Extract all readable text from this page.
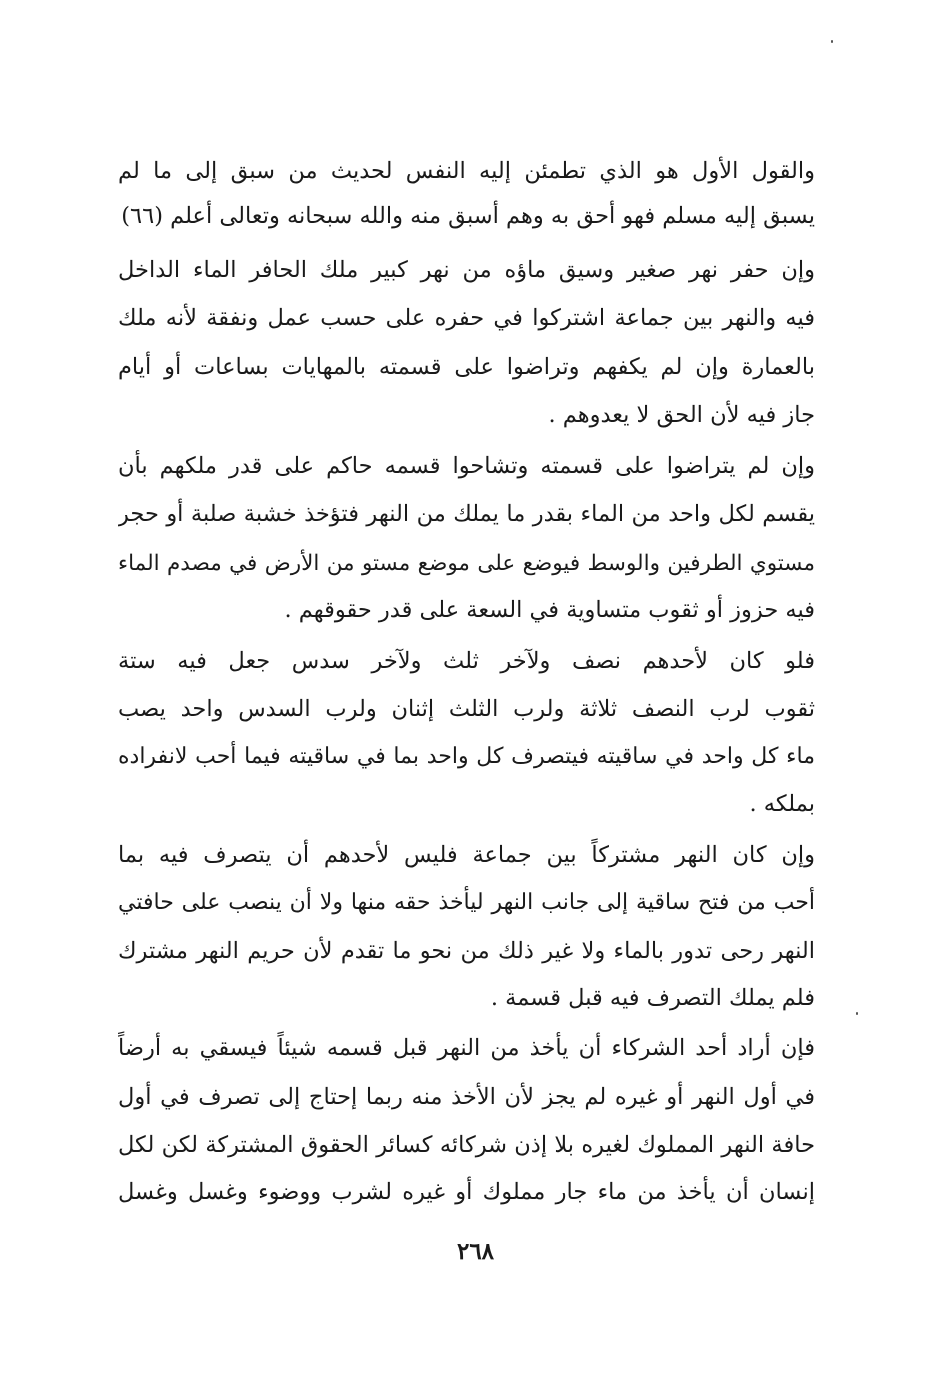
والقول الأول هو الذي تطمئن إليه النفس لحديث من سبق إلى ما لم
يسبق إليه مسلم فهو أحق به وهم أسبق منه والله سبحانه وتعالى أعلم (٦٦)
وإن حفر نهر صغير وسيق ماؤه من نهر كبير ملك الحافر الماء الداخل
فيه والنهر بين جماعة اشتركوا في حفره على حسب عمل ونفقة لأنه ملك
بالعمارة وإن لم يكفهم وتراضوا على قسمته بالمهايات بساعات أو أيام
جاز فيه لأن الحق لا يعدوهم .
وإن لم يتراضوا على قسمته وتشاحوا قسمه حاكم على قدر ملكهم بأن
يقسم لكل واحد من الماء بقدر ما يملك من النهر فتؤخذ خشبة صلبة أو حجر
مستوي الطرفين والوسط فيوضع على موضع مستو من الأرض في مصدم الماء
فيه حزوز أو ثقوب متساوية في السعة على قدر حقوقهم .
فلو كان لأحدهم نصف ولآخر ثلث ولآخر سدس جعل فيه ستة
ثقوب لرب النصف ثلاثة ولرب الثلث إثنان ولرب السدس واحد يصب
ماء كل واحد في ساقيته فيتصرف كل واحد بما في ساقيته فيما أحب لانفراده
بملكه .
وإن كان النهر مشتركاً بين جماعة فليس لأحدهم أن يتصرف فيه بما
أحب من فتح ساقية إلى جانب النهر ليأخذ حقه منها ولا أن ينصب على حافتي
النهر رحى تدور بالماء ولا غير ذلك من نحو ما تقدم لأن حريم النهر مشترك
فلم يملك التصرف فيه قبل قسمة .
فإن أراد أحد الشركاء أن يأخذ من النهر قبل قسمه شيئاً فيسقي به أرضاً
في أول النهر أو غيره لم يجز لأن الأخذ منه ربما إحتاج إلى تصرف في أول
حافة النهر المملوك لغيره بلا إذن شركائه كسائر الحقوق المشتركة لكن لكل
إنسان أن يأخذ من ماء جار مملوك أو غيره لشرب ووضوء وغسل وغسل
٢٦٨
